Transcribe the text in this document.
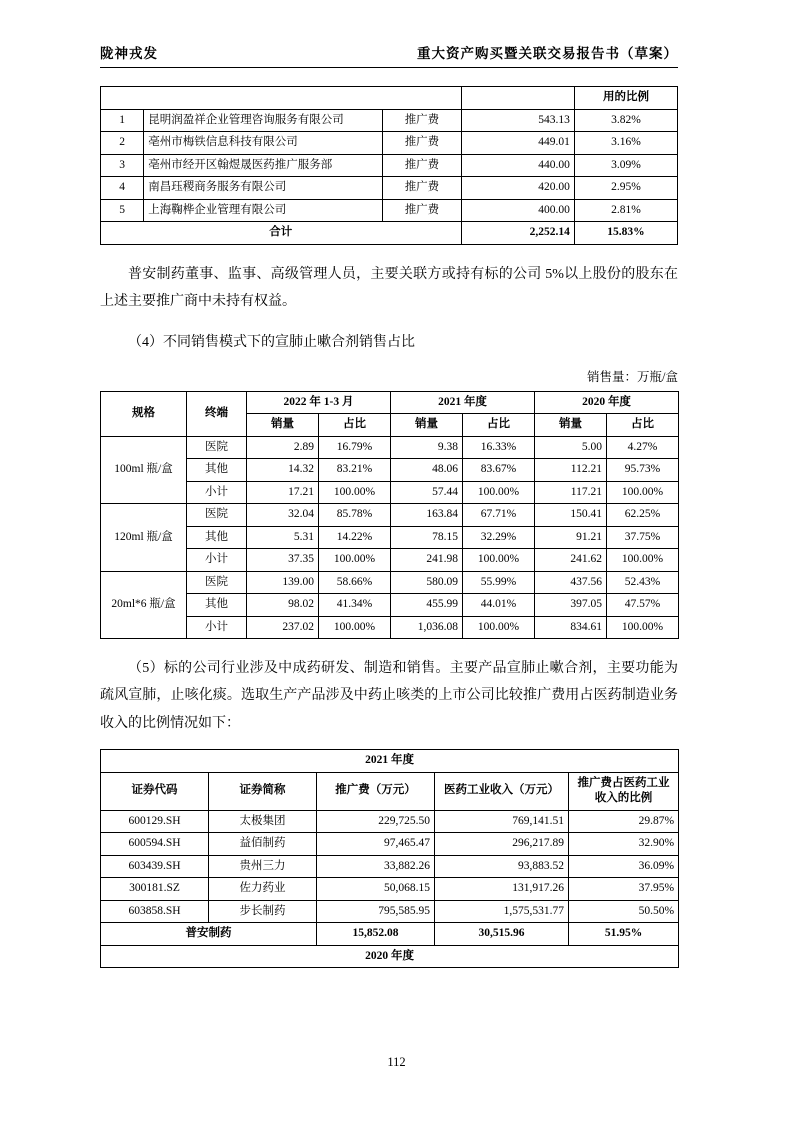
陇神戎发	重大资产购买暨关联交易报告书（草案）
				用的比例
1	昆明润盈祥企业管理咨询服务有限公司	推广费	543.13	3.82%
2	亳州市梅铁信息科技有限公司	推广费	449.01	3.16%
3	亳州市经开区翰煜晟医药推广服务部	推广费	440.00	3.09%
4	南昌珏稷商务服务有限公司	推广费	420.00	2.95%
5	上海鞠桦企业管理有限公司	推广费	400.00	2.81%
合计			2,252.14	15.83%

普安制药董事、监事、高级管理人员，主要关联方或持有标的公司 5%以上股份的股东在上述主要推广商中未持有权益。

（4）不同销售模式下的宣肺止嗽合剂销售占比

销售量：万瓶/盒
规格	终端	2022 年 1-3 月		2021 年度		2020 年度	
		销量	占比	销量	占比	销量	占比
100ml 瓶/盒	医院	2.89	16.79%	9.38	16.33%	5.00	4.27%
	其他	14.32	83.21%	48.06	83.67%	112.21	95.73%
	小计	17.21	100.00%	57.44	100.00%	117.21	100.00%
120ml 瓶/盒	医院	32.04	85.78%	163.84	67.71%	150.41	62.25%
	其他	5.31	14.22%	78.15	32.29%	91.21	37.75%
	小计	37.35	100.00%	241.98	100.00%	241.62	100.00%
20ml*6 瓶/盒	医院	139.00	58.66%	580.09	55.99%	437.56	52.43%
	其他	98.02	41.34%	455.99	44.01%	397.05	47.57%
	小计	237.02	100.00%	1,036.08	100.00%	834.61	100.00%

（5）标的公司行业涉及中成药研发、制造和销售。主要产品宣肺止嗽合剂，主要功能为疏风宣肺，止咳化痰。选取生产产品涉及中药止咳类的上市公司比较推广费用占医药制造业务收入的比例情况如下：

2021 年度				
证券代码	证券简称	推广费（万元）	医药工业收入（万元）	推广费占医药工业收入的比例
600129.SH	太极集团	229,725.50	769,141.51	29.87%
600594.SH	益佰制药	97,465.47	296,217.89	32.90%
603439.SH	贵州三力	33,882.26	93,883.52	36.09%
300181.SZ	佐力药业	50,068.15	131,917.26	37.95%
603858.SH	步长制药	795,585.95	1,575,531.77	50.50%
普安制药		15,852.08	30,515.96	51.95%
2020 年度				
112
